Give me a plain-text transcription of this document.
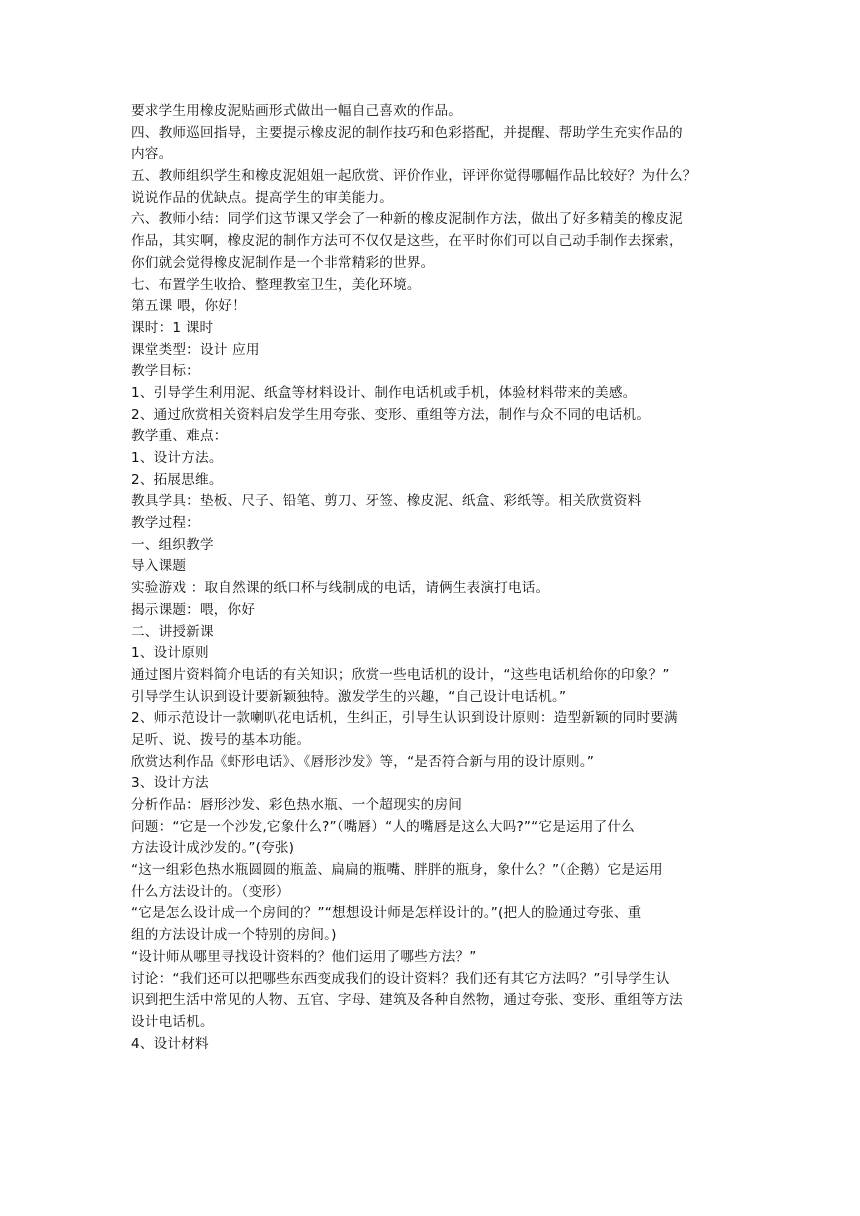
要求学生用橡皮泥贴画形式做出一幅自己喜欢的作品。
四、教师巡回指导，主要提示橡皮泥的制作技巧和色彩搭配，并提醒、帮助学生充实作品的
内容。
五、教师组织学生和橡皮泥姐姐一起欣赏、评价作业，评评你觉得哪幅作品比较好？为什么？
说说作品的优缺点。提高学生的审美能力。
六、教师小结：同学们这节课又学会了一种新的橡皮泥制作方法，做出了好多精美的橡皮泥
作品，其实啊，橡皮泥的制作方法可不仅仅是这些，在平时你们可以自己动手制作去探索，
你们就会觉得橡皮泥制作是一个非常精彩的世界。
七、布置学生收拾、整理教室卫生，美化环境。
第五课 喂，你好！
课时：1 课时
课堂类型：设计 应用
教学目标：
1、引导学生利用泥、纸盒等材料设计、制作电话机或手机，体验材料带来的美感。
2、通过欣赏相关资料启发学生用夸张、变形、重组等方法，制作与众不同的电话机。
教学重、难点：
1、设计方法。
2、拓展思维。
教具学具：垫板、尺子、铅笔、剪刀、牙签、橡皮泥、纸盒、彩纸等。相关欣赏资料
教学过程：
一、组织教学
导入课题
实验游戏 ：取自然课的纸口杯与线制成的电话，请俩生表演打电话。
揭示课题：喂，你好
二、讲授新课
1、设计原则
通过图片资料简介电话的有关知识；欣赏一些电话机的设计，“这些电话机给你的印象？”
引导学生认识到设计要新颖独特。激发学生的兴趣，“自己设计电话机。”
2、师示范设计一款喇叭花电话机，生纠正，引导生认识到设计原则：造型新颖的同时要满
足听、说、拨号的基本功能。
欣赏达利作品《虾形电话》、《唇形沙发》等，“是否符合新与用的设计原则。”
3、设计方法
分析作品：唇形沙发、彩色热水瓶、一个超现实的房间
问题：“它是一个沙发,它象什么?”（嘴唇）“人的嘴唇是这么大吗?”“它是运用了什么
方法设计成沙发的。”(夸张)
“这一组彩色热水瓶圆圆的瓶盖、扁扁的瓶嘴、胖胖的瓶身，象什么？”（企鹅）它是运用
什么方法设计的。（变形）
“它是怎么设计成一个房间的？”“想想设计师是怎样设计的。”(把人的脸通过夸张、重
组的方法设计成一个特别的房间。)
“设计师从哪里寻找设计资料的？他们运用了哪些方法？”
讨论：“我们还可以把哪些东西变成我们的设计资料？我们还有其它方法吗？”引导学生认
识到把生活中常见的人物、五官、字母、建筑及各种自然物，通过夸张、变形、重组等方法
设计电话机。
4、设计材料
